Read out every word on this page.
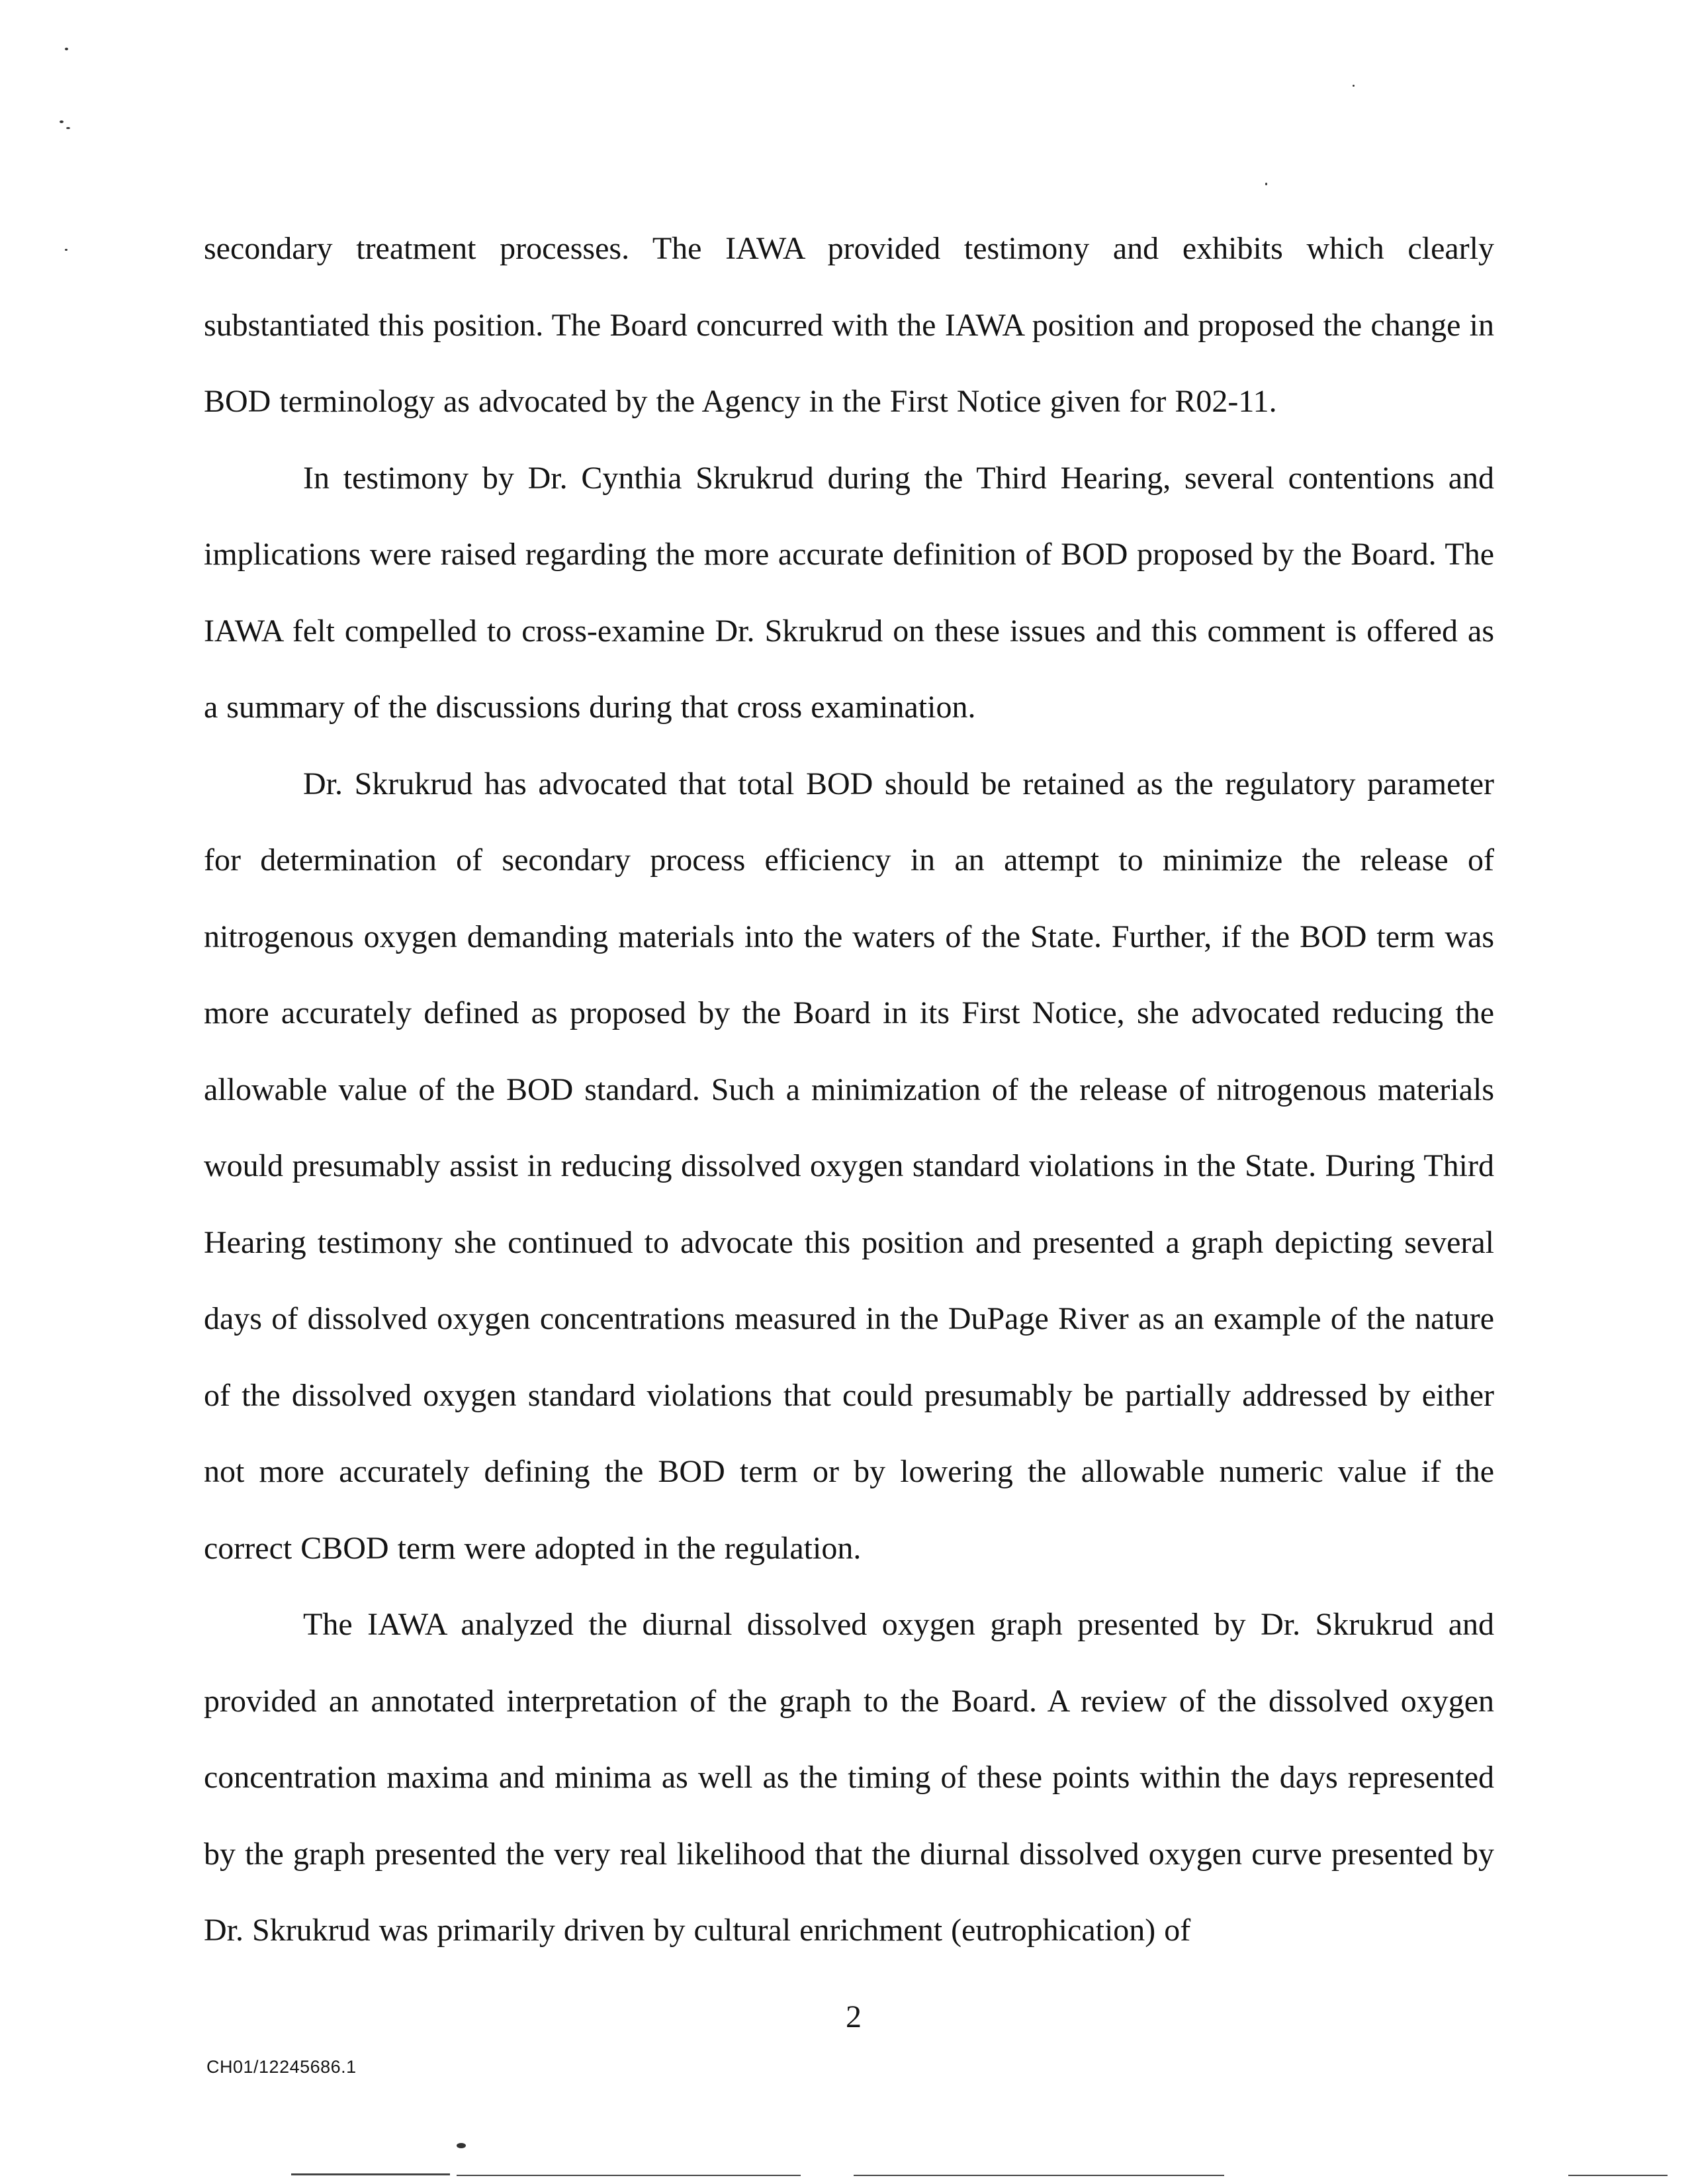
secondary treatment processes. The IAWA provided testimony and exhibits which clearly substantiated this position. The Board concurred with the IAWA position and proposed the change in BOD terminology as advocated by the Agency in the First Notice given for R02-11.

In testimony by Dr. Cynthia Skrukrud during the Third Hearing, several contentions and implications were raised regarding the more accurate definition of BOD proposed by the Board. The IAWA felt compelled to cross-examine Dr. Skrukrud on these issues and this comment is offered as a summary of the discussions during that cross examination.

Dr. Skrukrud has advocated that total BOD should be retained as the regulatory parameter for determination of secondary process efficiency in an attempt to minimize the release of nitrogenous oxygen demanding materials into the waters of the State. Further, if the BOD term was more accurately defined as proposed by the Board in its First Notice, she advocated reducing the allowable value of the BOD standard. Such a minimization of the release of nitrogenous materials would presumably assist in reducing dissolved oxygen standard violations in the State. During Third Hearing testimony she continued to advocate this position and presented a graph depicting several days of dissolved oxygen concentrations measured in the DuPage River as an example of the nature of the dissolved oxygen standard violations that could presumably be partially addressed by either not more accurately defining the BOD term or by lowering the allowable numeric value if the correct CBOD term were adopted in the regulation.

The IAWA analyzed the diurnal dissolved oxygen graph presented by Dr. Skrukrud and provided an annotated interpretation of the graph to the Board. A review of the dissolved oxygen concentration maxima and minima as well as the timing of these points within the days represented by the graph presented the very real likelihood that the diurnal dissolved oxygen curve presented by Dr. Skrukrud was primarily driven by cultural enrichment (eutrophication) of

2
CH01/12245686.1
